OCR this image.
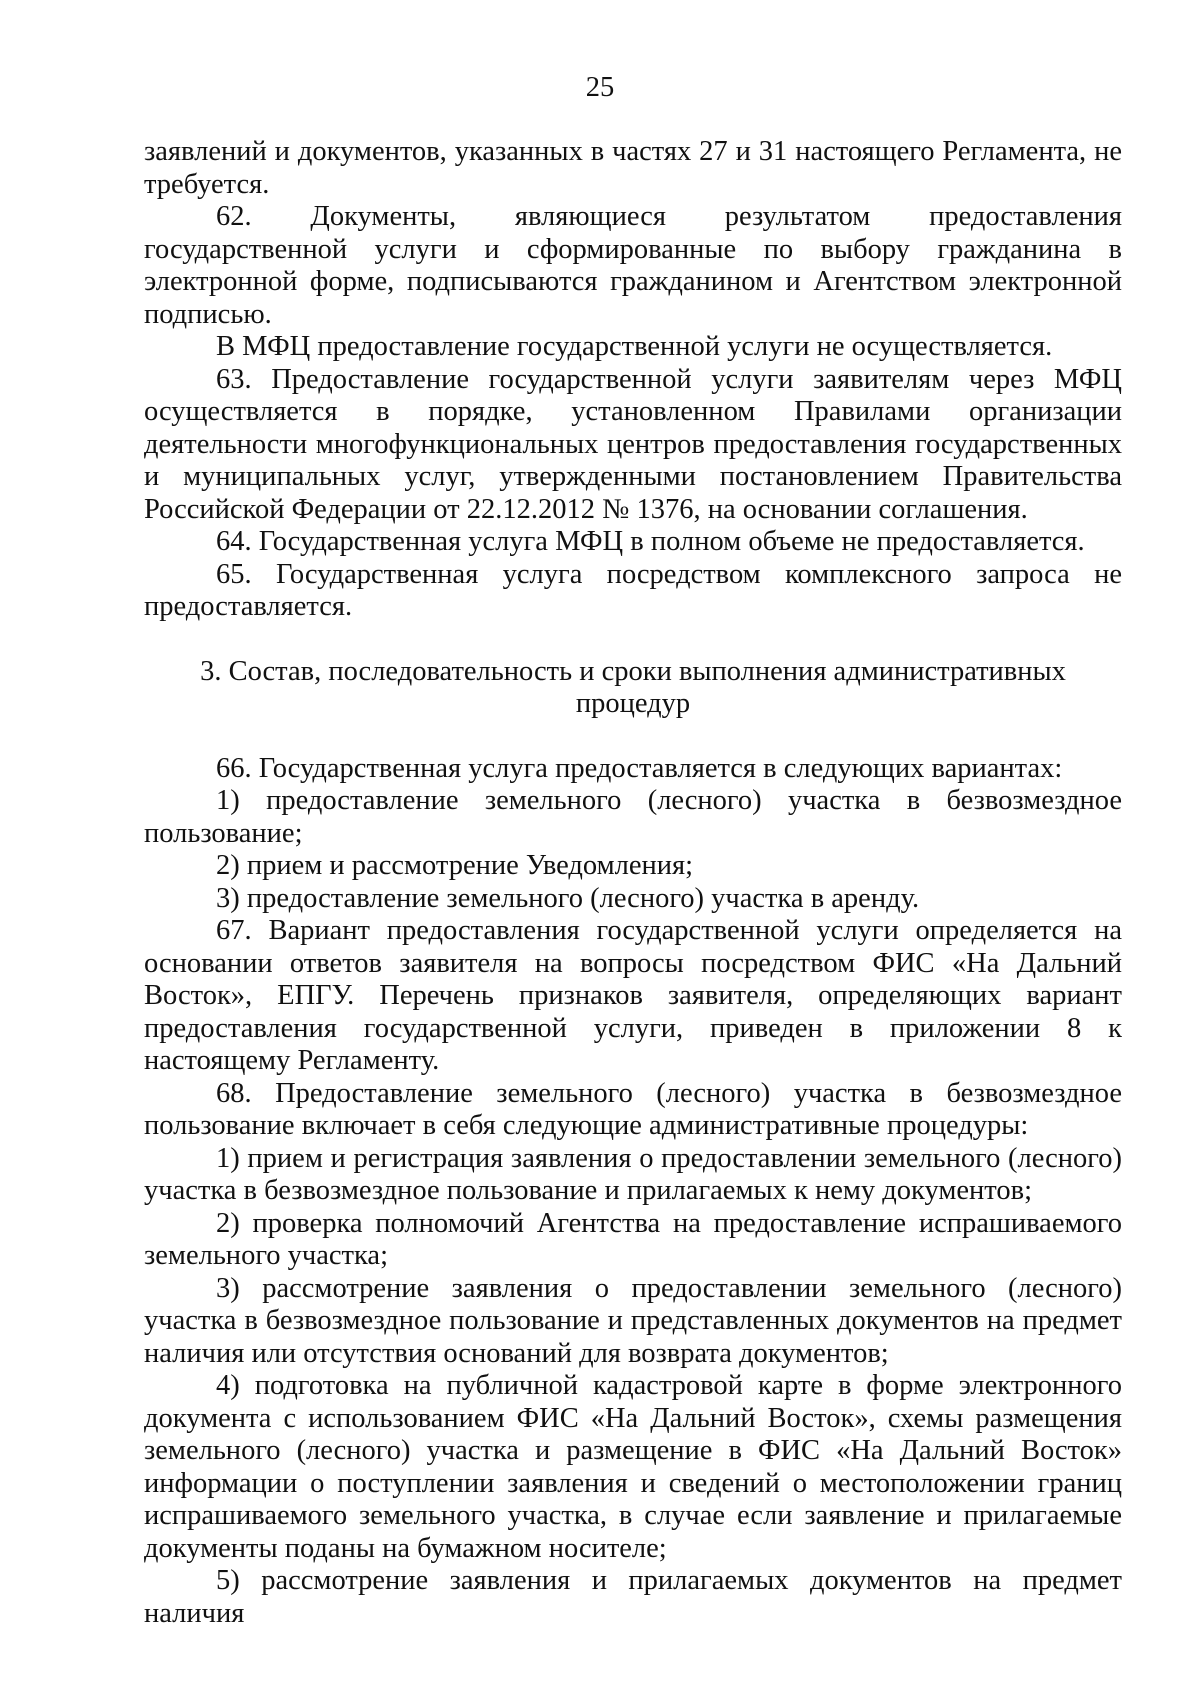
25

заявлений и документов, указанных в частях 27 и 31 настоящего Регламента, не требуется.

62. Документы, являющиеся результатом предоставления государственной услуги и сформированные по выбору гражданина в электронной форме, подписываются гражданином и Агентством электронной подписью.

В МФЦ предоставление государственной услуги не осуществляется.

63. Предоставление государственной услуги заявителям через МФЦ осуществляется в порядке, установленном Правилами организации деятельности многофункциональных центров предоставления государственных и муниципальных услуг, утвержденными постановлением Правительства Российской Федерации от 22.12.2012 № 1376, на основании соглашения.

64. Государственная услуга МФЦ в полном объеме не предоставляется.

65. Государственная услуга посредством комплексного запроса не предоставляется.

3. Состав, последовательность и сроки выполнения административных процедур

66. Государственная услуга предоставляется в следующих вариантах:

1) предоставление земельного (лесного) участка в безвозмездное пользование;

2) прием и рассмотрение Уведомления;

3) предоставление земельного (лесного) участка в аренду.

67. Вариант предоставления государственной услуги определяется на основании ответов заявителя на вопросы посредством ФИС «На Дальний Восток», ЕПГУ. Перечень признаков заявителя, определяющих вариант предоставления государственной услуги, приведен в приложении 8 к настоящему Регламенту.

68. Предоставление земельного (лесного) участка в безвозмездное пользование включает в себя следующие административные процедуры:

1) прием и регистрация заявления о предоставлении земельного (лесного) участка в безвозмездное пользование и прилагаемых к нему документов;

2) проверка полномочий Агентства на предоставление испрашиваемого земельного участка;

3) рассмотрение заявления о предоставлении земельного (лесного) участка в безвозмездное пользование и представленных документов на предмет наличия или отсутствия оснований для возврата документов;

4) подготовка на публичной кадастровой карте в форме электронного документа с использованием ФИС «На Дальний Восток», схемы размещения земельного (лесного) участка и размещение в ФИС «На Дальний Восток» информации о поступлении заявления и сведений о местоположении границ испрашиваемого земельного участка, в случае если заявление и прилагаемые документы поданы на бумажном носителе;

5) рассмотрение заявления и прилагаемых документов на предмет наличия
